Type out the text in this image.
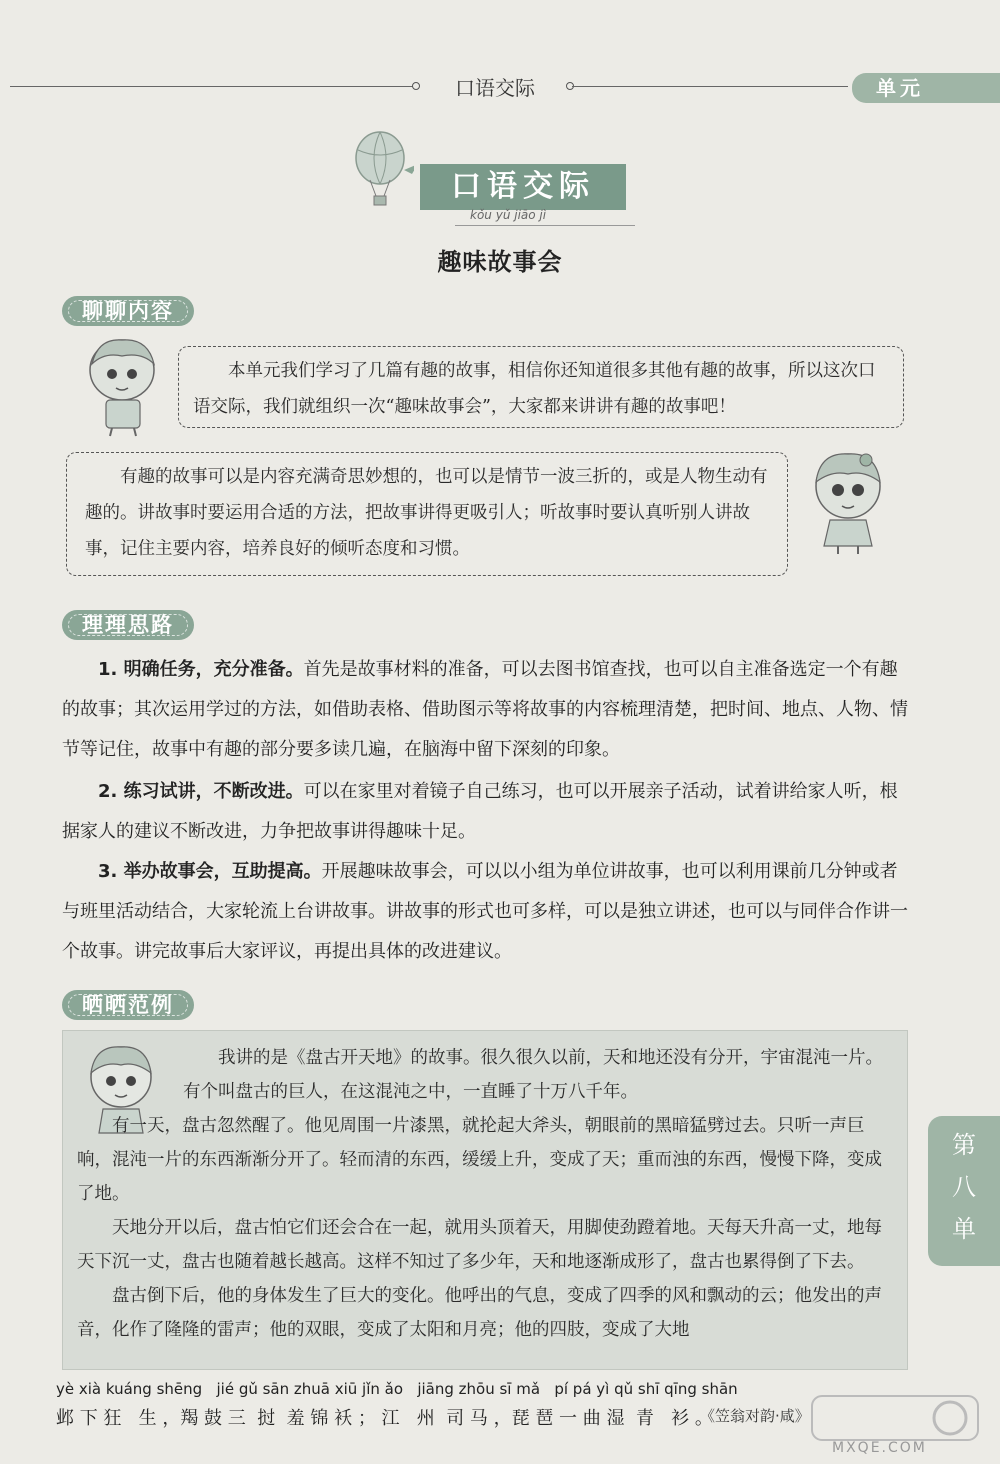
口语交际	单元
口语交际
kǒu yǔ jiāo jì
趣味故事会
聊聊内容

本单元我们学习了几篇有趣的故事，相信你还知道很多其他有趣的故事，所以这次口语交际，我们就组织一次“趣味故事会”，大家都来讲讲有趣的故事吧！

有趣的故事可以是内容充满奇思妙想的，也可以是情节一波三折的，或是人物生动有趣的。讲故事时要运用合适的方法，把故事讲得更吸引人；听故事时要认真听别人讲故事，记住主要内容，培养良好的倾听态度和习惯。

理理思路
1. 明确任务，充分准备。首先是故事材料的准备，可以去图书馆查找，也可以自主准备选定一个有趣的故事；其次运用学过的方法，如借助表格、借助图示等将故事的内容梳理清楚，把时间、地点、人物、情节等记住，故事中有趣的部分要多读几遍，在脑海中留下深刻的印象。
2. 练习试讲，不断改进。可以在家里对着镜子自己练习，也可以开展亲子活动，试着讲给家人听，根据家人的建议不断改进，力争把故事讲得趣味十足。
3. 举办故事会，互助提高。开展趣味故事会，可以以小组为单位讲故事，也可以利用课前几分钟或者与班里活动结合，大家轮流上台讲故事。讲故事的形式也可多样，可以是独立讲述，也可以与同伴合作讲一个故事。讲完故事后大家评议，再提出具体的改进建议。
晒晒范例

我讲的是《盘古开天地》的故事。很久很久以前，天和地还没有分开，宇宙混沌一片。有个叫盘古的巨人，在这混沌之中，一直睡了十万八千年。

有一天，盘古忽然醒了。他见周围一片漆黑，就抡起大斧头，朝眼前的黑暗猛劈过去。只听一声巨响，混沌一片的东西渐渐分开了。轻而清的东西，缓缓上升，变成了天；重而浊的东西，慢慢下降，变成了地。

天地分开以后，盘古怕它们还会合在一起，就用头顶着天，用脚使劲蹬着地。天每天升高一丈，地每天下沉一丈，盘古也随着越长越高。这样不知过了多少年，天和地逐渐成形了，盘古也累得倒了下去。

盘古倒下后，他的身体发生了巨大的变化。他呼出的气息，变成了四季的风和飘动的云；他发出的声音，化作了隆隆的雷声；他的双眼，变成了太阳和月亮；他的四肢，变成了大地

第
八
单
yè xià kuáng shēng   jié gǔ sān zhuā xiū jǐn ǎo   jiāng zhōu sī mǎ   pí pá yì qǔ shī qīng shān
邺 下 狂   生 ，羯 鼓 三  挝  羞 锦 袄 ； 江   州  司 马 ，琵 琶 一 曲 湿  青   衫 。
《笠翁对韵·咸》
MXQE.COM
